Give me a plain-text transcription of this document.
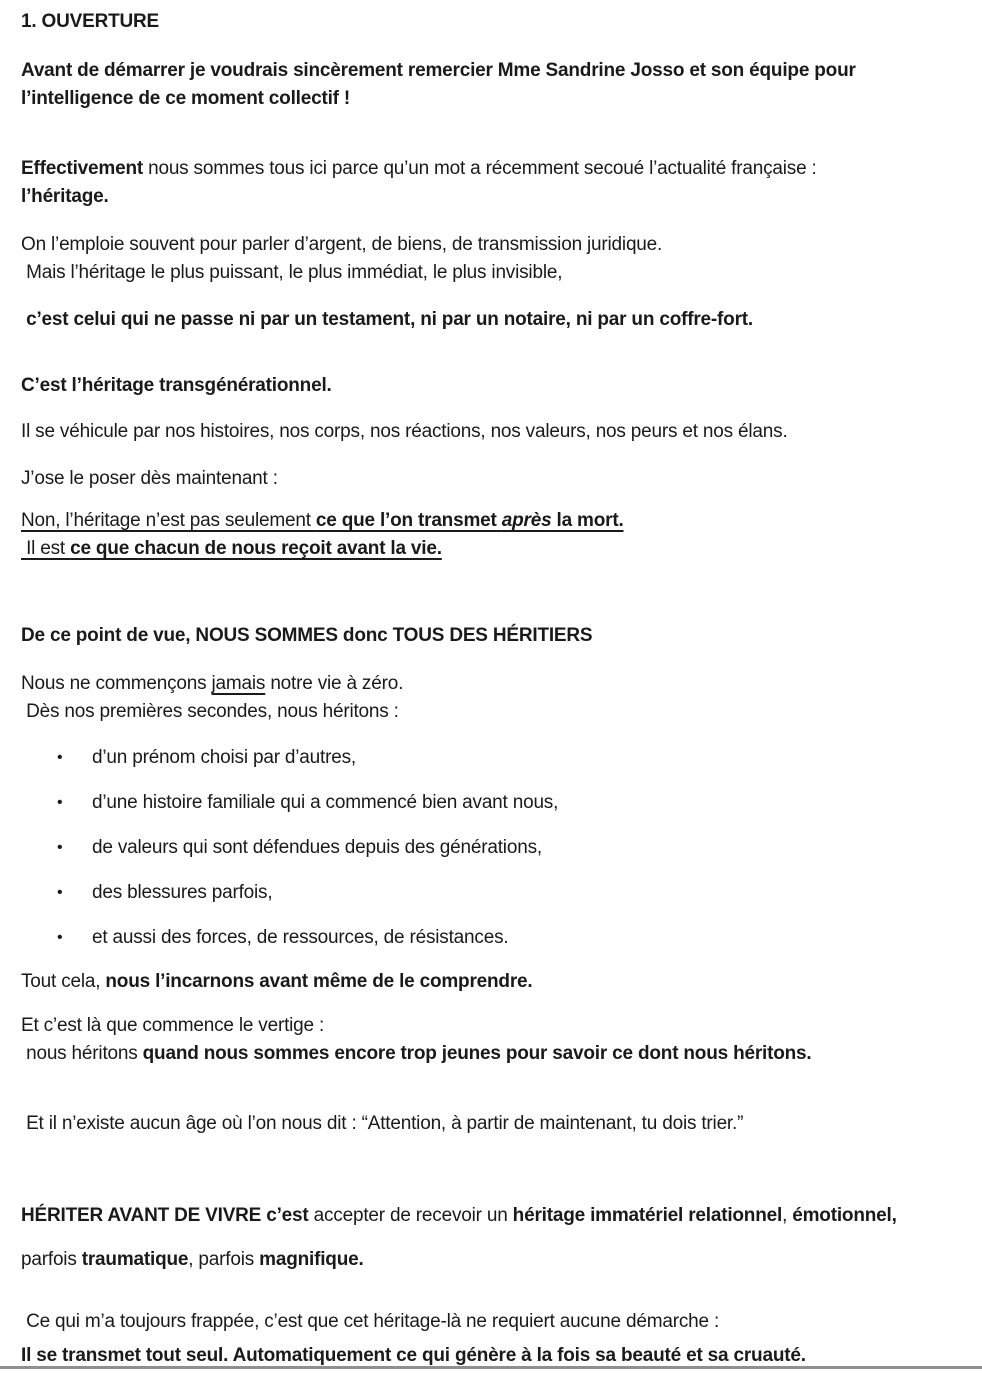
1. OUVERTURE
Avant de démarrer je voudrais sincèrement remercier Mme Sandrine Josso et son équipe pour
l’intelligence de ce moment collectif !
Effectivement nous sommes tous ici parce qu’un mot a récemment secoué l’actualité française :
l’héritage.
On l’emploie souvent pour parler d’argent, de biens, de transmission juridique.
Mais l’héritage le plus puissant, le plus immédiat, le plus invisible,
c’est celui qui ne passe ni par un testament, ni par un notaire, ni par un coffre-fort.
C’est l’héritage transgénérationnel.
Il se véhicule par nos histoires, nos corps, nos réactions, nos valeurs, nos peurs et nos élans.
J’ose le poser dès maintenant :
Non, l’héritage n’est pas seulement ce que l’on transmet après la mort.
Il est ce que chacun de nous reçoit avant la vie.
De ce point de vue, NOUS SOMMES donc TOUS DES HÉRITIERS
Nous ne commençons jamais notre vie à zéro.
Dès nos premières secondes, nous héritons :
•	d’un prénom choisi par d’autres,
•	d’une histoire familiale qui a commencé bien avant nous,
•	de valeurs qui sont défendues depuis des générations,
•	des blessures parfois,
•	et aussi des forces, de ressources, de résistances.
Tout cela, nous l’incarnons avant même de le comprendre.
Et c’est là que commence le vertige :
nous héritons quand nous sommes encore trop jeunes pour savoir ce dont nous héritons.
Et il n’existe aucun âge où l’on nous dit : “Attention, à partir de maintenant, tu dois trier.”
HÉRITER AVANT DE VIVRE c’est accepter de recevoir un héritage immatériel relationnel, émotionnel,
parfois traumatique, parfois magnifique.
Ce qui m’a toujours frappée, c’est que cet héritage-là ne requiert aucune démarche :
Il se transmet tout seul. Automatiquement ce qui génère à la fois sa beauté et sa cruauté.
